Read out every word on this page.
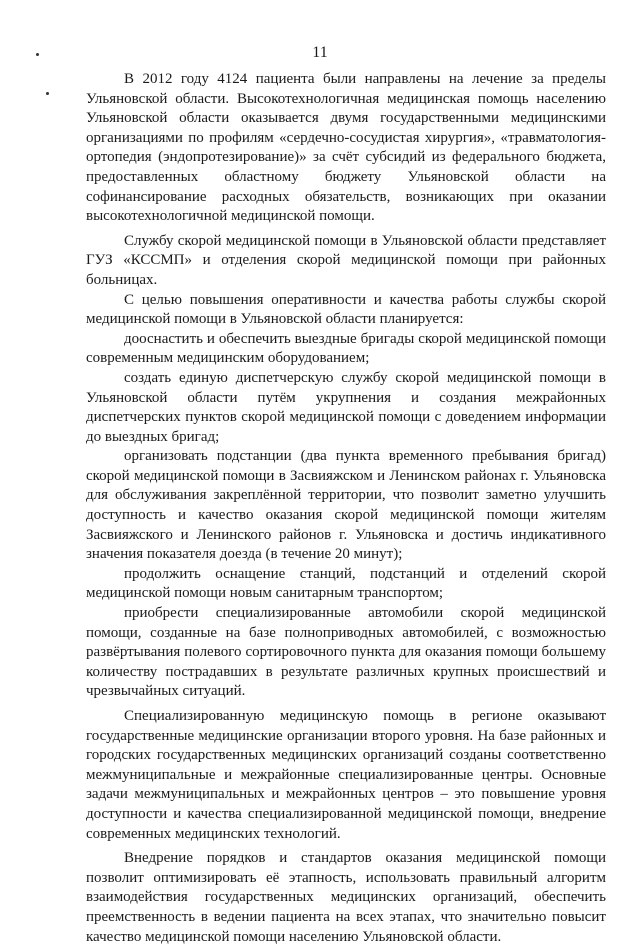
11

В 2012 году 4124 пациента были направлены на лечение за пределы Ульяновской области. Высокотехнологичная медицинская помощь населению Ульяновской области оказывается двумя государственными медицинскими организациями по профилям «сердечно-сосудистая хирургия», «травматология-ортопедия (эндопротезирование)» за счёт субсидий из федерального бюджета, предоставленных областному бюджету Ульяновской области на софинансирование расходных обязательств, возникающих при оказании высокотехнологичной медицинской помощи.

Службу скорой медицинской помощи в Ульяновской области представляет ГУЗ «КССМП» и отделения скорой медицинской помощи при районных больницах.

С целью повышения оперативности и качества работы службы скорой медицинской помощи в Ульяновской области планируется:

дооснастить и обеспечить выездные бригады скорой медицинской помощи современным медицинским оборудованием;

создать единую диспетчерскую службу скорой медицинской помощи в Ульяновской области путём укрупнения и создания межрайонных диспетчерских пунктов скорой медицинской помощи с доведением информации до выездных бригад;

организовать подстанции (два пункта временного пребывания бригад) скорой медицинской помощи в Засвияжском и Ленинском районах г. Ульяновска для обслуживания закреплённой территории, что позволит заметно улучшить доступность и качество оказания скорой медицинской помощи жителям Засвияжского и Ленинского районов г. Ульяновска и достичь индикативного значения показателя доезда (в течение 20 минут);

продолжить оснащение станций, подстанций и отделений скорой медицинской помощи новым санитарным транспортом;

приобрести специализированные автомобили скорой медицинской помощи, созданные на базе полноприводных автомобилей, с возможностью развёртывания полевого сортировочного пункта для оказания помощи большему количеству пострадавших в результате различных крупных происшествий и чрезвычайных ситуаций.

Специализированную медицинскую помощь в регионе оказывают государственные медицинские организации второго уровня. На базе районных и городских государственных медицинских организаций созданы соответственно межмуниципальные и межрайонные специализированные центры. Основные задачи межмуниципальных и межрайонных центров – это повышение уровня доступности и качества специализированной медицинской помощи, внедрение современных медицинских технологий.

Внедрение порядков и стандартов оказания медицинской помощи позволит оптимизировать её этапность, использовать правильный алгоритм взаимодействия государственных медицинских организаций, обеспечить преемственность в ведении пациента на всех этапах, что значительно повысит качество медицинской помощи населению Ульяновской области.
